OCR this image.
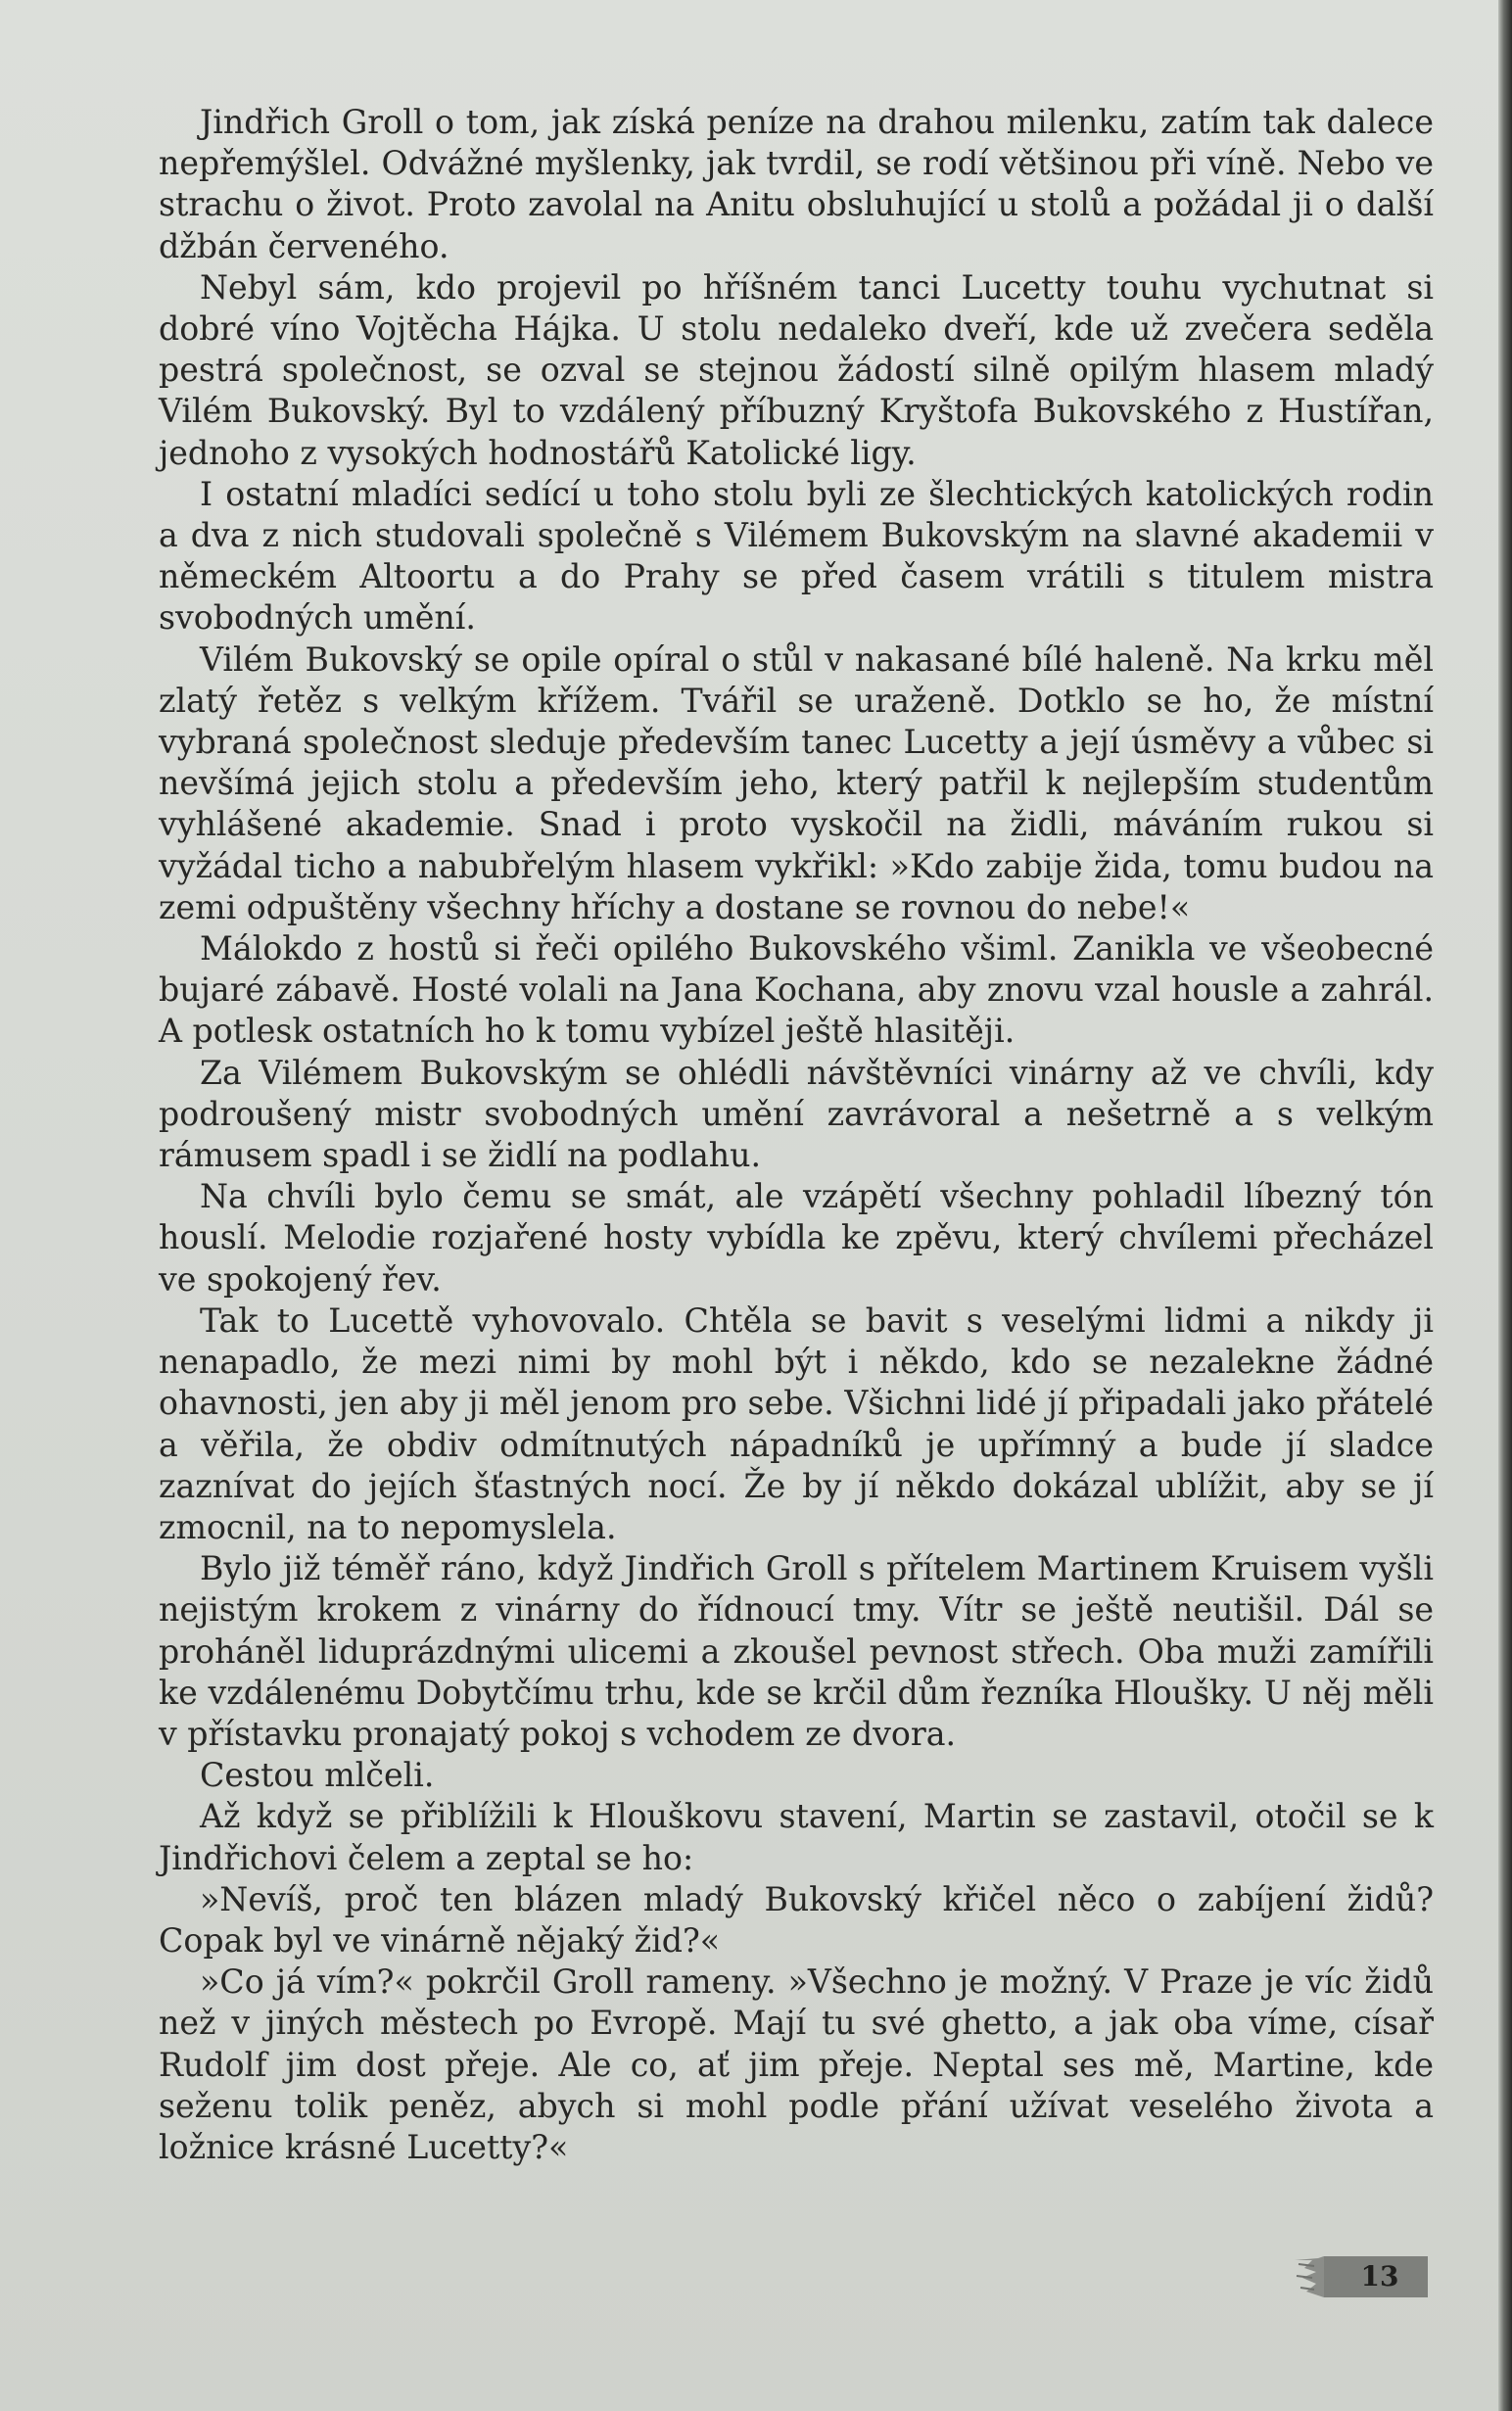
Jindřich Groll o tom, jak získá peníze na drahou milenku, zatím tak dalece nepřemýšlel. Odvážné myšlenky, jak tvrdil, se rodí většinou při víně. Nebo ve strachu o život. Proto zavolal na Anitu obsluhující u stolů a požádal ji o další džbán červeného.

Nebyl sám, kdo projevil po hříšném tanci Lucetty touhu vychutnat si dobré víno Vojtěcha Hájka. U stolu nedaleko dveří, kde už zvečera seděla pestrá společnost, se ozval se stejnou žádostí silně opilým hlasem mladý Vilém Bukovský. Byl to vzdálený příbuzný Kryštofa Bukovského z Hustířan, jednoho z vysokých hodnostářů Katolické ligy.

I ostatní mladíci sedící u toho stolu byli ze šlechtických katolických rodin a dva z nich studovali společně s Vilémem Bukovským na slavné akademii v německém Altoortu a do Prahy se před časem vrátili s titulem mistra svobodných umění.

Vilém Bukovský se opile opíral o stůl v nakasané bílé haleně. Na krku měl zlatý řetěz s velkým křížem. Tvářil se uraženě. Dotklo se ho, že místní vybraná společnost sleduje především tanec Lucetty a její úsměvy a vůbec si nevšímá jejich stolu a především jeho, který patřil k nejlepším studentům vyhlášené akademie. Snad i proto vyskočil na židli, máváním rukou si vyžádal ticho a nabubřelým hlasem vykřikl: »Kdo zabije žida, tomu budou na zemi odpuštěny všechny hříchy a dostane se rovnou do nebe!«

Málokdo z hostů si řeči opilého Bukovského všiml. Zanikla ve všeobecné bujaré zábavě. Hosté volali na Jana Kochana, aby znovu vzal housle a zahrál. A potlesk ostatních ho k tomu vybízel ještě hlasitěji.

Za Vilémem Bukovským se ohlédli návštěvníci vinárny až ve chvíli, kdy podroušený mistr svobodných umění zavrávoral a nešetrně a s velkým rámusem spadl i se židlí na podlahu.

Na chvíli bylo čemu se smát, ale vzápětí všechny pohladil líbezný tón houslí. Melodie rozjařené hosty vybídla ke zpěvu, který chvílemi přecházel ve spokojený řev.

Tak to Lucettě vyhovovalo. Chtěla se bavit s veselými lidmi a nikdy ji nenapadlo, že mezi nimi by mohl být i někdo, kdo se nezalekne žádné ohavnosti, jen aby ji měl jenom pro sebe. Všichni lidé jí připadali jako přátelé a věřila, že obdiv odmítnutých nápadníků je upřímný a bude jí sladce zaznívat do jejích šťastných nocí. Že by jí někdo dokázal ublížit, aby se jí zmocnil, na to nepomyslela.

Bylo již téměř ráno, když Jindřich Groll s přítelem Martinem Kruisem vyšli nejistým krokem z vinárny do řídnoucí tmy. Vítr se ještě neutišil. Dál se proháněl liduprázdnými ulicemi a zkoušel pevnost střech. Oba muži zamířili ke vzdálenému Dobytčímu trhu, kde se krčil dům řezníka Hloušky. U něj měli v přístavku pronajatý pokoj s vchodem ze dvora.

Cestou mlčeli.

Až když se přiblížili k Hlouškovu stavení, Martin se zastavil, otočil se k Jindřichovi čelem a zeptal se ho:

»Nevíš, proč ten blázen mladý Bukovský křičel něco o zabíjení židů? Copak byl ve vinárně nějaký žid?«

»Co já vím?« pokrčil Groll rameny. »Všechno je možný. V Praze je víc židů než v jiných městech po Evropě. Mají tu své ghetto, a jak oba víme, císař Rudolf jim dost přeje. Ale co, ať jim přeje. Neptal ses mě, Martine, kde seženu tolik peněz, abych si mohl podle přání užívat veselého života a ložnice krásné Lucetty?«

13
